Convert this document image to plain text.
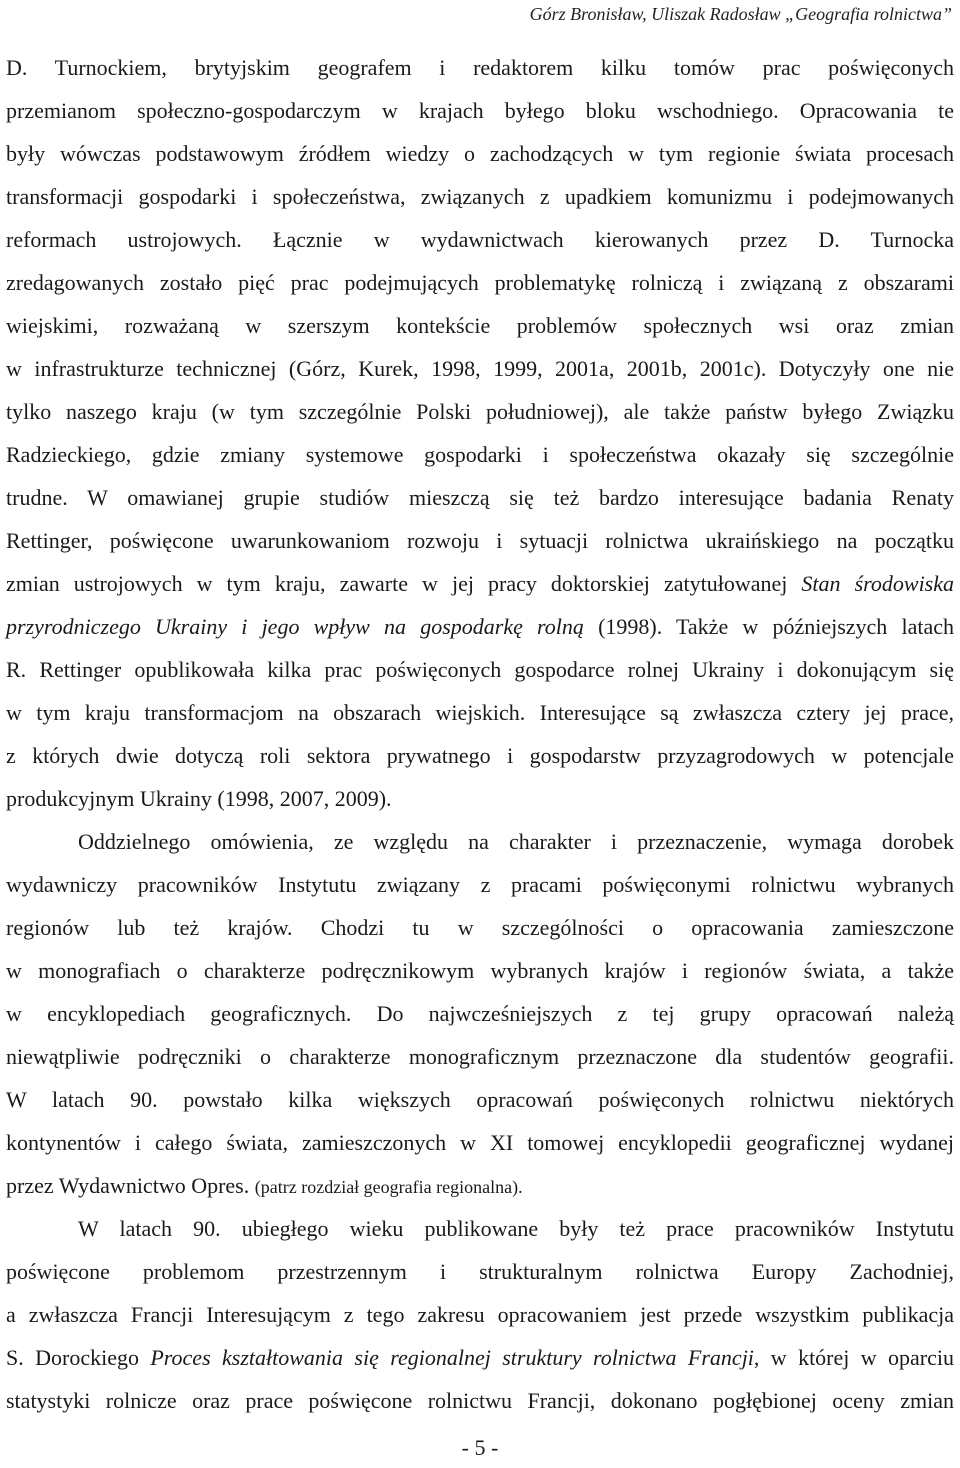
Górz Bronisław, Uliszak Radosław „Geografia rolnictwa”
D. Turnockiem, brytyjskim geografem i redaktorem kilku tomów prac poświęconych
przemianom społeczno-gospodarczym w krajach byłego bloku wschodniego. Opracowania te
były wówczas podstawowym źródłem wiedzy o zachodzących w tym regionie świata procesach
transformacji gospodarki i społeczeństwa, związanych z upadkiem komunizmu i podejmowanych
reformach ustrojowych. Łącznie w wydawnictwach kierowanych przez D. Turnocka
zredagowanych zostało pięć prac podejmujących problematykę rolniczą i związaną z obszarami
wiejskimi, rozważaną w szerszym kontekście problemów społecznych wsi oraz zmian
w infrastrukturze technicznej (Górz, Kurek, 1998, 1999, 2001a, 2001b, 2001c). Dotyczyły one nie
tylko naszego kraju (w tym szczególnie Polski południowej), ale także państw byłego Związku
Radzieckiego, gdzie zmiany systemowe gospodarki i społeczeństwa okazały się szczególnie
trudne. W omawianej grupie studiów mieszczą się też bardzo interesujące badania Renaty
Rettinger, poświęcone uwarunkowaniom rozwoju i sytuacji rolnictwa ukraińskiego na początku
zmian ustrojowych w tym kraju, zawarte w jej pracy doktorskiej zatytułowanej Stan środowiska
przyrodniczego Ukrainy i jego wpływ na gospodarkę rolną (1998). Także w późniejszych latach
R. Rettinger opublikowała kilka prac poświęconych gospodarce rolnej Ukrainy i dokonującym się
w tym kraju transformacjom na obszarach wiejskich. Interesujące są zwłaszcza cztery jej prace,
z których dwie dotyczą roli sektora prywatnego i gospodarstw przyzagrodowych w potencjale
produkcyjnym Ukrainy (1998, 2007, 2009).
Oddzielnego omówienia, ze względu na charakter i przeznaczenie, wymaga dorobek
wydawniczy pracowników Instytutu związany z pracami poświęconymi rolnictwu wybranych
regionów lub też krajów. Chodzi tu w szczególności o opracowania zamieszczone
w monografiach o charakterze podręcznikowym wybranych krajów i regionów świata, a także
w encyklopediach geograficznych. Do najwcześniejszych z tej grupy opracowań należą
niewątpliwie podręczniki o charakterze monograficznym przeznaczone dla studentów geografii.
W latach 90. powstało kilka większych opracowań poświęconych rolnictwu niektórych
kontynentów i całego świata, zamieszczonych w XI tomowej encyklopedii geograficznej wydanej
przez Wydawnictwo Opres. (patrz rozdział geografia regionalna).
W latach 90. ubiegłego wieku publikowane były też prace pracowników Instytutu
poświęcone problemom przestrzennym i strukturalnym rolnictwa Europy Zachodniej,
a zwłaszcza Francji Interesującym z tego zakresu opracowaniem jest przede wszystkim publikacja
S. Dorockiego Proces kształtowania się regionalnej struktury rolnictwa Francji, w której w oparciu
statystyki rolnicze oraz prace poświęcone rolnictwu Francji, dokonano pogłębionej oceny zmian
- 5 -
